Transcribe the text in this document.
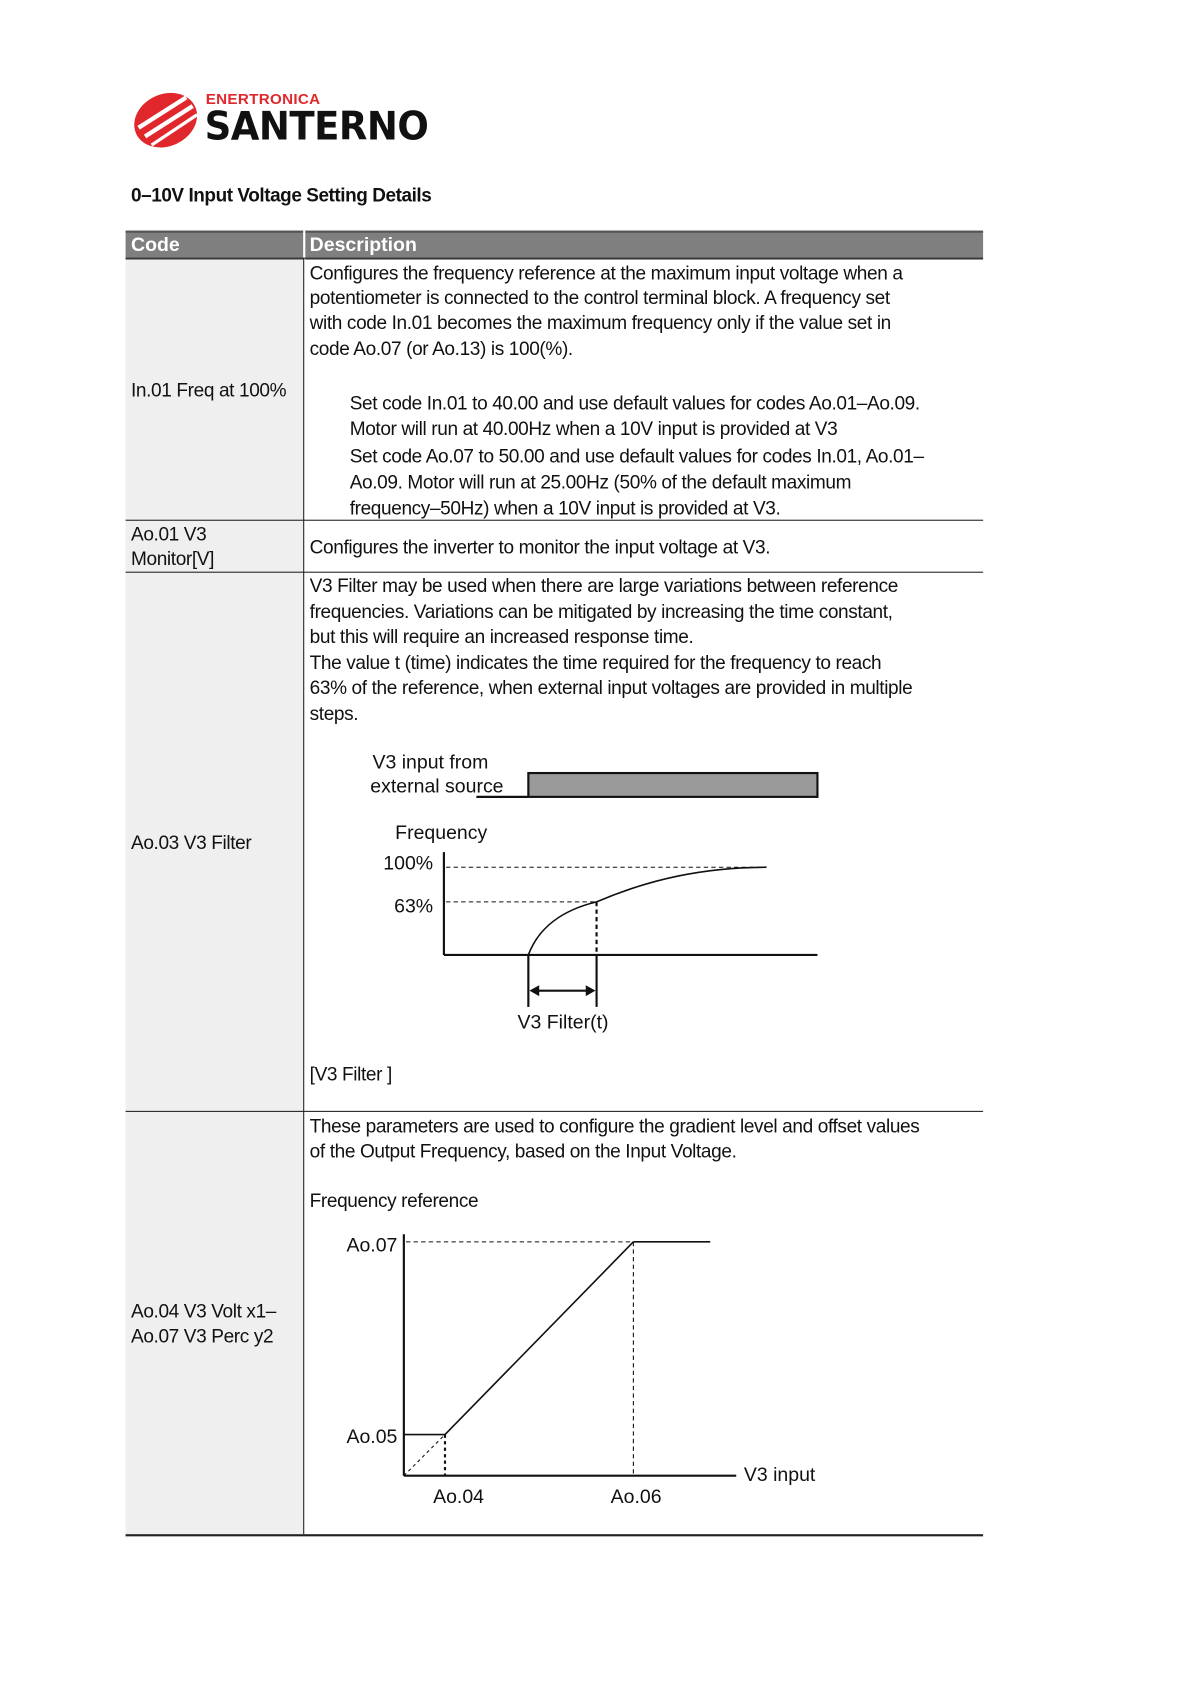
ENERTRONICA
SANTERNO
0–10V Input Voltage Setting Details
Code	Description
In.01 Freq at 100%
Configures the frequency reference at the maximum input voltage when a
potentiometer is connected to the control terminal block. A frequency set
with code In.01 becomes the maximum frequency only if the value set in
code Ao.07 (or Ao.13) is 100(%).
Set code In.01 to 40.00 and use default values for codes Ao.01–Ao.09.
Motor will run at 40.00Hz when a 10V input is provided at V3
Set code Ao.07 to 50.00 and use default values for codes In.01, Ao.01–
Ao.09. Motor will run at 25.00Hz (50% of the default maximum
frequency–50Hz) when a 10V input is provided at V3.
Ao.01 V3
Monitor[V]
Configures the inverter to monitor the input voltage at V3.
Ao.03 V3 Filter
V3 Filter may be used when there are large variations between reference
frequencies. Variations can be mitigated by increasing the time constant,
but this will require an increased response time.
The value t (time) indicates the time required for the frequency to reach
63% of the reference, when external input voltages are provided in multiple
steps.
V3 input from
external source
Frequency
100%
63%
V3 Filter(t)
[V3 Filter ]
Ao.04 V3 Volt x1–
Ao.07 V3 Perc y2
These parameters are used to configure the gradient level and offset values
of the Output Frequency, based on the Input Voltage.
Frequency reference
Ao.07
Ao.05
Ao.04	Ao.06
V3 input
